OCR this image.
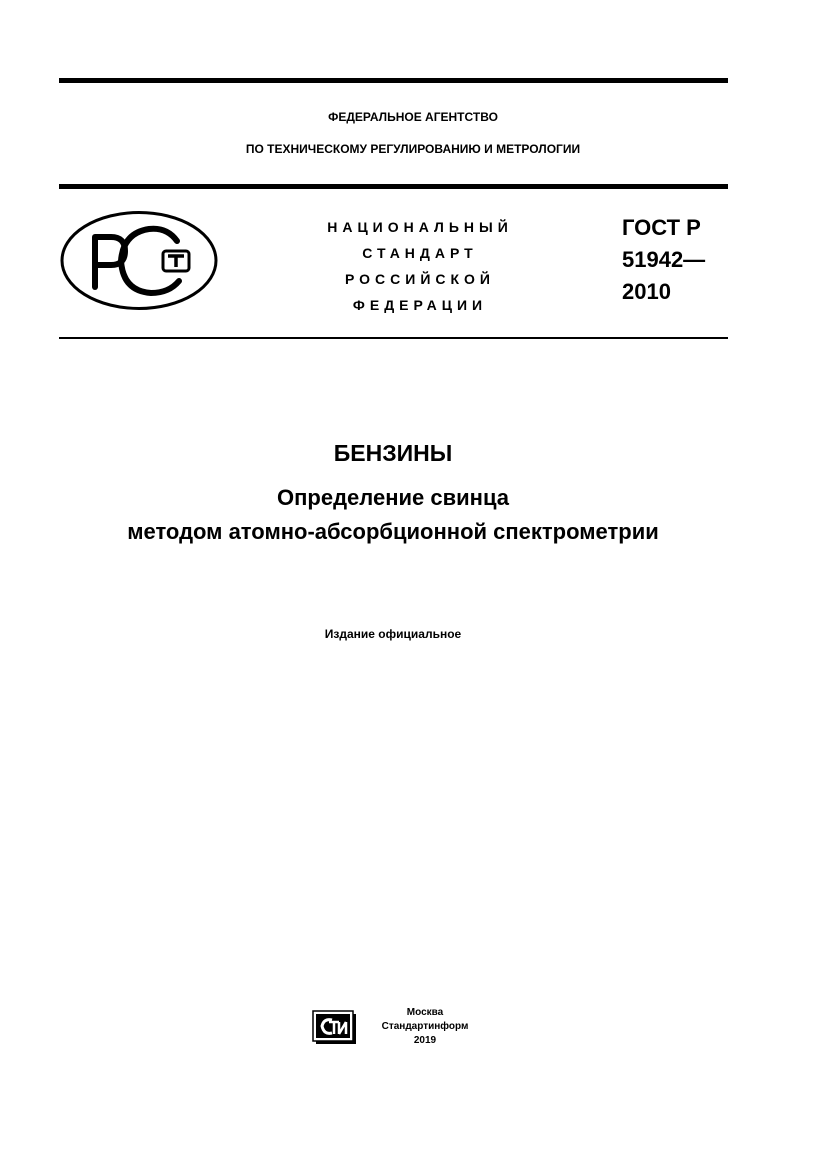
ФЕДЕРАЛЬНОЕ АГЕНТСТВО
ПО ТЕХНИЧЕСКОМУ РЕГУЛИРОВАНИЮ И МЕТРОЛОГИИ
НАЦИОНАЛЬНЫЙ
СТАНДАРТ
РОССИЙСКОЙ
ФЕДЕРАЦИИ
ГОСТ Р
51942—
2010
БЕНЗИНЫ
Определение свинца
методом атомно-абсорбционной спектрометрии
Издание официальное
Москва
Стандартинформ
2019
